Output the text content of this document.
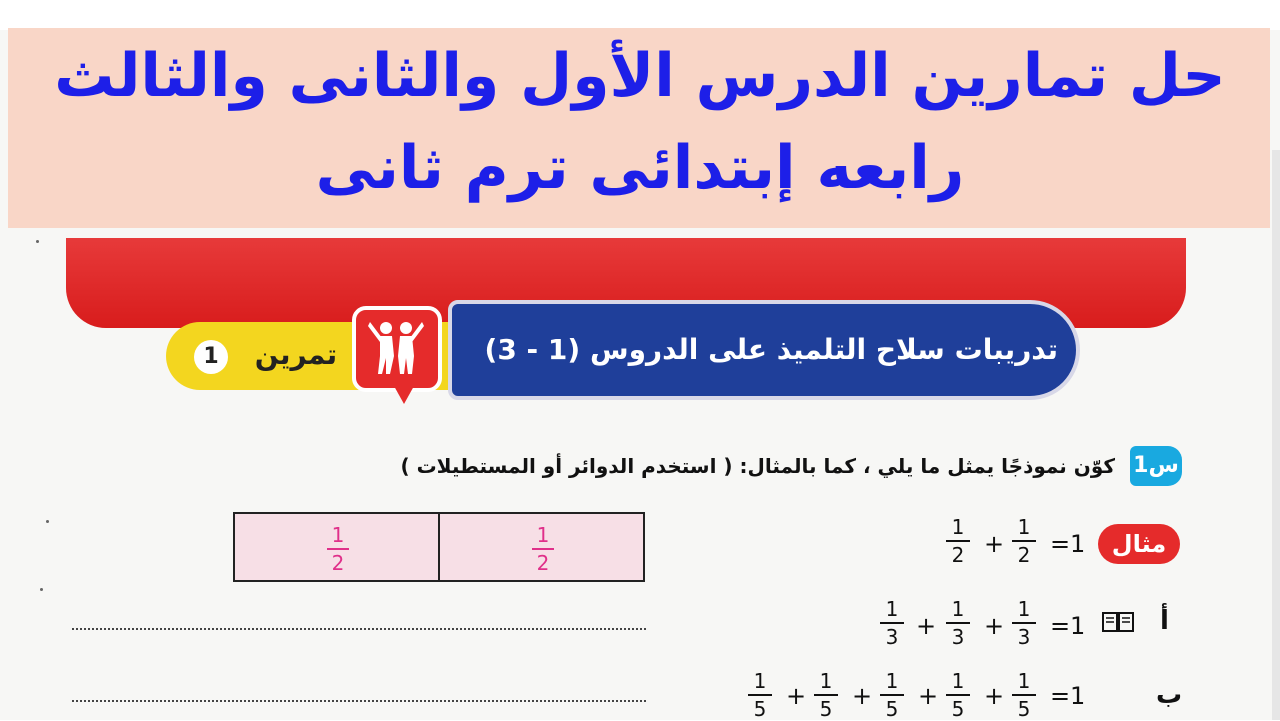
1	تمرين	تدريبات سلاح التلميذ على الدروس (1 - 3)
حل تمارين الدرس الأول والثانى والثالث
رابعه إبتدائى ترم ثانى
س1
كوّن نموذجًا يمثل ما يلي ، كما بالمثال: ( استخدم الدوائر أو المستطيلات )
1
2
1
2
مثال
1
2 +
1
2 = 1
أ
1
3 +
1
3 +
1
3 = 1
ب
1
5 +
1
5 +
1
5 +
1
5 +
1
5 = 1
